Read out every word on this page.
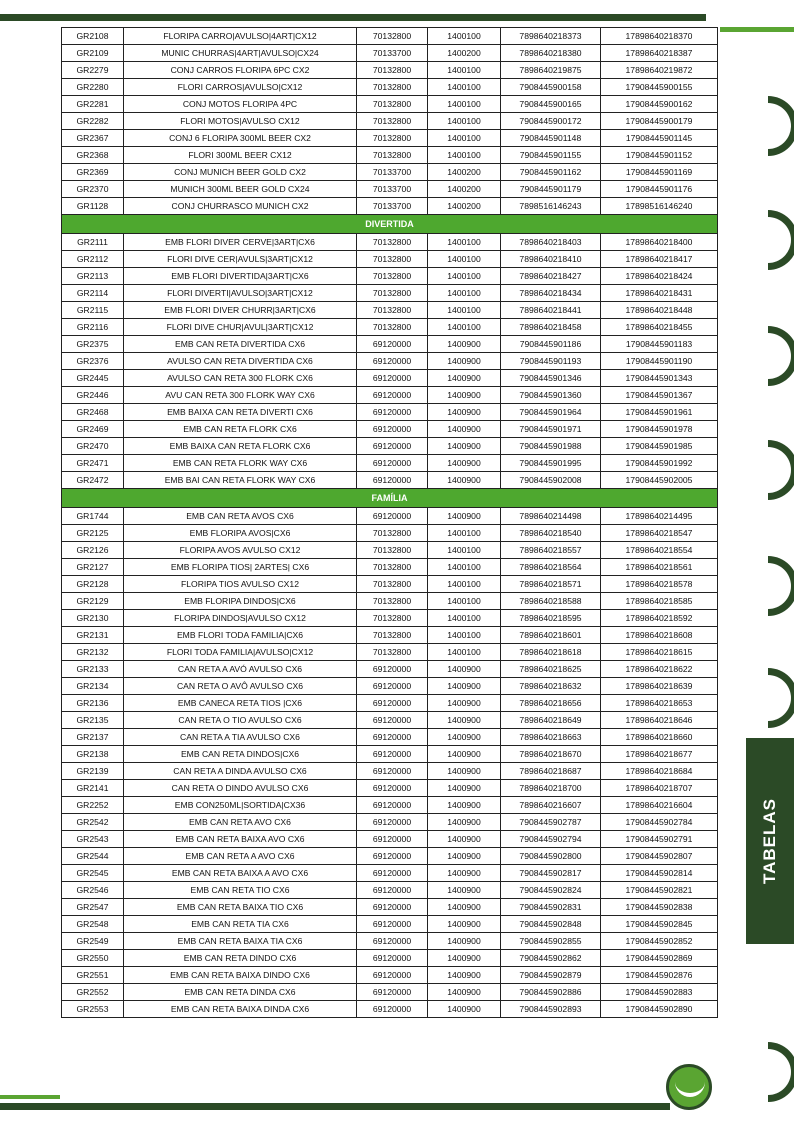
GR2108	FLORIPA CARRO|AVULSO|4ART|CX12	70132800	1400100	7898640218373	17898640218370
GR2109	MUNIC CHURRAS|4ART|AVULSO|CX24	70133700	1400200	7898640218380	17898640218387
GR2279	CONJ CARROS FLORIPA 6PC CX2	70132800	1400100	7898640219875	17898640219872
GR2280	FLORI CARROS|AVULSO|CX12	70132800	1400100	7908445900158	17908445900155
GR2281	CONJ MOTOS FLORIPA 4PC	70132800	1400100	7908445900165	17908445900162
GR2282	FLORI MOTOS|AVULSO CX12	70132800	1400100	7908445900172	17908445900179
GR2367	CONJ 6 FLORIPA 300ML BEER CX2	70132800	1400100	7908445901148	17908445901145
GR2368	FLORI 300ML BEER CX12	70132800	1400100	7908445901155	17908445901152
GR2369	CONJ MUNICH BEER GOLD CX2	70133700	1400200	7908445901162	17908445901169
GR2370	MUNICH 300ML BEER GOLD CX24	70133700	1400200	7908445901179	17908445901176
GR1128	CONJ CHURRASCO MUNICH CX2	70133700	1400200	7898516146243	17898516146240
DIVERTIDA					
GR2111	EMB FLORI DIVER CERVE|3ART|CX6	70132800	1400100	7898640218403	17898640218400
GR2112	FLORI DIVE CER|AVULS|3ART|CX12	70132800	1400100	7898640218410	17898640218417
GR2113	EMB FLORI DIVERTIDA|3ART|CX6	70132800	1400100	7898640218427	17898640218424
GR2114	FLORI DIVERTI|AVULSO|3ART|CX12	70132800	1400100	7898640218434	17898640218431
GR2115	EMB FLORI DIVER CHURR|3ART|CX6	70132800	1400100	7898640218441	17898640218448
GR2116	FLORI DIVE CHUR|AVUL|3ART|CX12	70132800	1400100	7898640218458	17898640218455
GR2375	EMB CAN RETA DIVERTIDA CX6	69120000	1400900	7908445901186	17908445901183
GR2376	AVULSO CAN RETA DIVERTIDA CX6	69120000	1400900	7908445901193	17908445901190
GR2445	AVULSO CAN RETA 300 FLORK CX6	69120000	1400900	7908445901346	17908445901343
GR2446	AVU CAN RETA 300 FLORK WAY CX6	69120000	1400900	7908445901360	17908445901367
GR2468	EMB BAIXA CAN RETA DIVERTI CX6	69120000	1400900	7908445901964	17908445901961
GR2469	EMB CAN RETA FLORK CX6	69120000	1400900	7908445901971	17908445901978
GR2470	EMB BAIXA CAN RETA FLORK CX6	69120000	1400900	7908445901988	17908445901985
GR2471	EMB CAN RETA FLORK WAY CX6	69120000	1400900	7908445901995	17908445901992
GR2472	EMB BAI CAN RETA FLORK WAY CX6	69120000	1400900	7908445902008	17908445902005
FAMÍLIA					
GR1744	EMB CAN RETA AVOS CX6	69120000	1400900	7898640214498	17898640214495
GR2125	EMB FLORIPA AVOS|CX6	70132800	1400100	7898640218540	17898640218547
GR2126	FLORIPA AVOS AVULSO CX12	70132800	1400100	7898640218557	17898640218554
GR2127	EMB FLORIPA TIOS| 2ARTES| CX6	70132800	1400100	7898640218564	17898640218561
GR2128	FLORIPA TIOS AVULSO CX12	70132800	1400100	7898640218571	17898640218578
GR2129	EMB FLORIPA DINDOS|CX6	70132800	1400100	7898640218588	17898640218585
GR2130	FLORIPA DINDOS|AVULSO CX12	70132800	1400100	7898640218595	17898640218592
GR2131	EMB FLORI TODA FAMILIA|CX6	70132800	1400100	7898640218601	17898640218608
GR2132	FLORI TODA FAMILIA|AVULSO|CX12	70132800	1400100	7898640218618	17898640218615
GR2133	CAN RETA A AVÓ AVULSO CX6	69120000	1400900	7898640218625	17898640218622
GR2134	CAN RETA O AVÔ AVULSO CX6	69120000	1400900	7898640218632	17898640218639
GR2136	EMB CANECA RETA TIOS |CX6	69120000	1400900	7898640218656	17898640218653
GR2135	CAN RETA O TIO AVULSO CX6	69120000	1400900	7898640218649	17898640218646
GR2137	CAN RETA A TIA AVULSO CX6	69120000	1400900	7898640218663	17898640218660
GR2138	EMB CAN RETA DINDOS|CX6	69120000	1400900	7898640218670	17898640218677
GR2139	CAN RETA A DINDA AVULSO CX6	69120000	1400900	7898640218687	17898640218684
GR2141	CAN RETA O DINDO AVULSO CX6	69120000	1400900	7898640218700	17898640218707
GR2252	EMB CON250ML|SORTIDA|CX36	69120000	1400900	7898640216607	17898640216604
GR2542	EMB CAN RETA AVO CX6	69120000	1400900	7908445902787	17908445902784
GR2543	EMB CAN RETA BAIXA AVO CX6	69120000	1400900	7908445902794	17908445902791
GR2544	EMB CAN RETA A AVO CX6	69120000	1400900	7908445902800	17908445902807
GR2545	EMB CAN RETA BAIXA A AVO CX6	69120000	1400900	7908445902817	17908445902814
GR2546	EMB CAN RETA TIO CX6	69120000	1400900	7908445902824	17908445902821
GR2547	EMB CAN RETA BAIXA TIO CX6	69120000	1400900	7908445902831	17908445902838
GR2548	EMB CAN RETA TIA CX6	69120000	1400900	7908445902848	17908445902845
GR2549	EMB CAN RETA BAIXA TIA CX6	69120000	1400900	7908445902855	17908445902852
GR2550	EMB CAN RETA DINDO CX6	69120000	1400900	7908445902862	17908445902869
GR2551	EMB CAN RETA BAIXA DINDO CX6	69120000	1400900	7908445902879	17908445902876
GR2552	EMB CAN RETA DINDA CX6	69120000	1400900	7908445902886	17908445902883
GR2553	EMB CAN RETA BAIXA DINDA CX6	69120000	1400900	7908445902893	17908445902890
TABELAS
